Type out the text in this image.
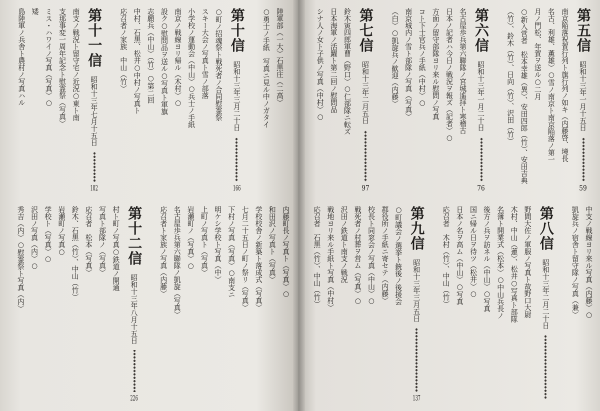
第五信
昭和十三年一月十五日
59

南京陥落祝賀行列ト旗行列ノ如キ（内藤啓、境長

名古、利雄、薫雄）○雪ノ南京ト南京陥落ノ第一

月ノ門松、年賀ヲ送ル○二月

○新入営者　松本幸雄（異）、安田四郎（竹）、安田吉典

（竹）、鈴木（竹）、日向（竹）、沢田（竹）

第六信
昭和十三年一月二十日
76

名古屋歩兵第六聯隊ノ宮城遙拝ト寒稽古

日本ノ記者ハ今日ノ戦況ヲ報ズ（記者）○

方面ノ留守部隊ヨリ来ル慰問ノ写真

コト下士官兵ノ手紙（中村）○

南京城内ノ雪ト部隊ノ写真（写真）

（白）○凱旋兵ノ歓迎（内藤）

第七信
昭和十三年二月五日
97

鈴木寅四郎軍曹（野口）○仁部隊ニ転ズ

日本海軍ノ活躍ト第二回ノ慰問品

シナ人ノ女ト子供ノ写真（中村）○

中支ノ戦線ヨリ来ル写真（内藤）○

凱旋兵ノ宿舎ト留守隊ノ写真（兼）

第八信
昭和十三年二月二十日

野間大佐ノ軍服ノ写真ト故野口大尉

木村、中山（蓮）、松井○写真ト部隊

名簿ト開業式（松本）○中山兵長ノ

後方ノ兵ヲ訪ネル（中山）○写真

国ニ帰ル日ヲ待ツ（松井）○

日本ノ名ヲ高ム（中山）○写真

応召者　木村（竹）、中山（竹）

第九信
昭和十三年三月五日
137

○町議会ノ選挙ト銃後ノ後援会

郡役所ノ手紙ニ寄セテ（内藤）

校長ト同窓会ノ写真（中山）○

戦死者ノ村葬ヲ営ム（写真）○

沢田ノ鉄道ト南支ノ戦況

戦地ヨリ来ル手紙ト写真（中村）

応召者　石黒（竹）、中山（竹）

陸軍部（一大）石黒庄（二高）

○勇士ノ手紙　写真ニ見ル中ノガタイ

第十信
昭和十三年三月二十日
166

○町ノ招魂祭ト戦死者ノ合同慰霊祭

スキー大会ノ写真ト雪ノ部落

小学校ノ運動会（中山）○兵士ノ手紙

南京ノ戦線ヨリ帰ル（木村）○

設ク○慰問品ヲ送ル○写真ト軍旗

志願兵（中山）（竹）○第二回

中村、石黒、松井○中村ノ写真ト

応召者ノ家族　中山（竹）

第十一信
昭和十三年七月十五日
182

南支ノ戦況ト留守宅ノ近況○東ト南

支那事変一周年記念ト慰霊祭（写真）

ミス・ハワイノ写真（写真）○

矮

島陸軍ノ兵舎ト農村ノ写真ハル

内藤町長ノ写真ト（写真）○

和田沢ノ写真ト（写真）

学校校舎ノ新築ト落成式（写真）

七月二十五日ノ町ノ祭リ（写真）

下村ノ写真（写真）○南支ニ

明ケシ学校ト写真（中）

上町ノ写真ト（写真）

岩瀬町ノ（写真）○

名古屋歩兵第六聯隊ノ凱旋（写真）

応召者ト家族ノ写真（内藤）

第十二信
昭和十三年八月十五日
226

村ト町ノ写真○鉄道ノ開通

写真ト部隊ノ（写真）

応召者　松本（写真）

鈴木、石黒（竹）、中山（竹）

岩瀬町ノ写真○

学校ト（写真）○

沢田ノ写真（内）○

秀吉（内）○慰霊祭ト写真（内）
